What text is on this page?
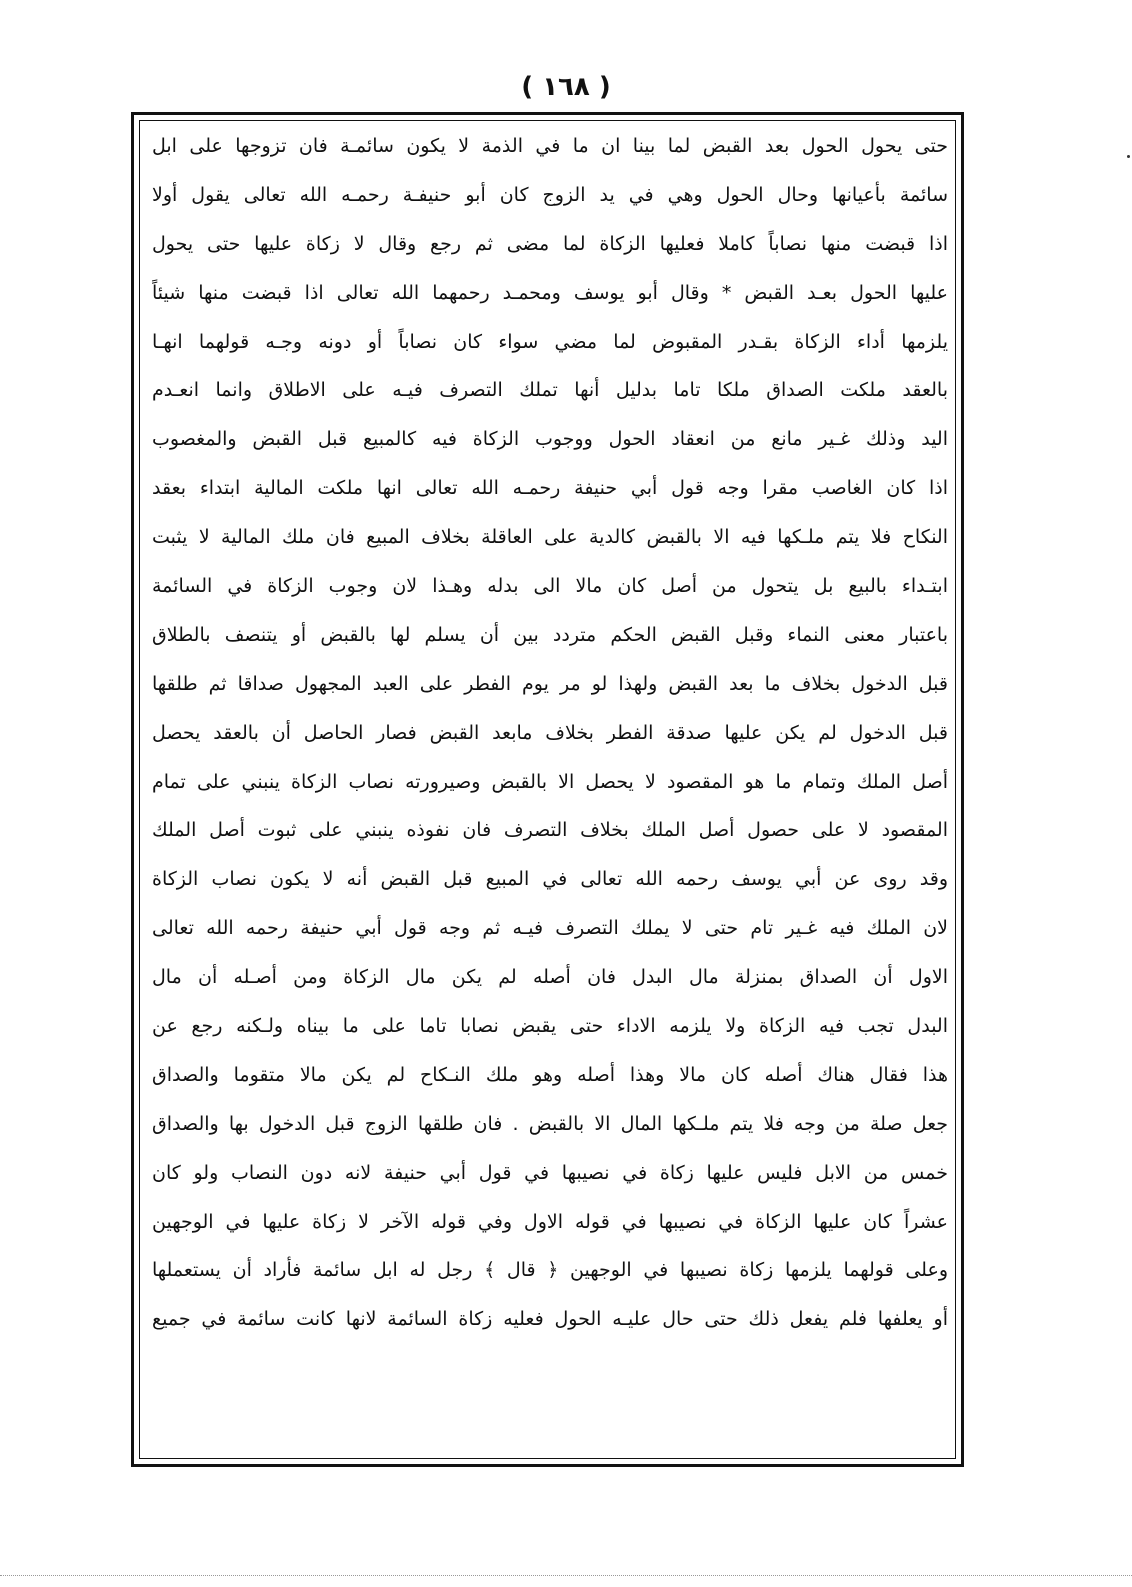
( ١٦٨ )
حتى يحول الحول بعد القبض لما بينا ان ما في الذمة لا يكون سائمـة فان تزوجها على ابل
سائمة بأعيانها وحال الحول وهي في يد الزوج كان أبو حنيفـة رحمـه الله تعالى يقول أولا
اذا قبضت منها نصاباً كاملا فعليها الزكاة لما مضى ثم رجع وقال لا زكاة عليها حتى يحول
عليها الحول بعـد القبض * وقال أبو يوسف ومحمـد رحمهما الله تعالى اذا قبضت منها شيئاً
يلزمها أداء الزكاة بقـدر المقبوض لما مضي سواء كان نصاباً أو دونه وجـه قولهما انهـا
بالعقد ملكت الصداق ملكا تاما بدليل أنها تملك التصرف فيـه على الاطلاق وانما انعـدم
اليد وذلك غـير مانع من انعقاد الحول ووجوب الزكاة فيه كالمبيع قبل القبض والمغصوب
اذا كان الغاصب مقرا وجه قول أبي حنيفة رحمـه الله تعالى انها ملكت المالية ابتداء بعقد
النكاح فلا يتم ملـكها فيه الا بالقبض كالدية على العاقلة بخلاف المبيع فان ملك المالية لا يثبت
ابتـداء بالبيع بل يتحول من أصل كان مالا الى بدله وهـذا لان وجوب الزكاة في السائمة
باعتبار معنى النماء وقبل القبض الحكم متردد بين أن يسلم لها بالقبض أو يتنصف بالطلاق
قبل الدخول بخلاف ما بعد القبض ولهذا لو مر يوم الفطر على العبد المجهول صداقا ثم طلقها
قبل الدخول لم يكن عليها صدقة الفطر بخلاف مابعد القبض فصار الحاصل أن بالعقد يحصل
أصل الملك وتمام ما هو المقصود لا يحصل الا بالقبض وصيرورته نصاب الزكاة ينبني على تمام
المقصود لا على حصول أصل الملك بخلاف التصرف فان نفوذه ينبني على ثبوت أصل الملك
وقد روى عن أبي يوسف رحمه الله تعالى في المبيع قبل القبض أنه لا يكون نصاب الزكاة
لان الملك فيه غـير تام حتى لا يملك التصرف فيـه ثم وجه قول أبي حنيفة رحمه الله تعالى
الاول أن الصداق بمنزلة مال البدل فان أصله لم يكن مال الزكاة ومن أصـله أن مال
البدل تجب فيه الزكاة ولا يلزمه الاداء حتى يقبض نصابا تاما على ما بيناه ولـكنه رجع عن
هذا فقال هناك أصله كان مالا وهذا أصله وهو ملك النـكاح لم يكن مالا متقوما والصداق
جعل صلة من وجه فلا يتم ملـكها المال الا بالقبض . فان طلقها الزوج قبل الدخول بها والصداق
خمس من الابل فليس عليها زكاة في نصيبها في قول أبي حنيفة لانه دون النصاب ولو كان
عشراً كان عليها الزكاة في نصيبها في قوله الاول وفي قوله الآخر لا زكاة عليها في الوجهين
وعلى قولهما يلزمها زكاة نصيبها في الوجهين ﴿ قال ﴾ رجل له ابل سائمة فأراد أن يستعملها
أو يعلفها فلم يفعل ذلك حتى حال عليـه الحول فعليه زكاة السائمة لانها كانت سائمة في جميع
